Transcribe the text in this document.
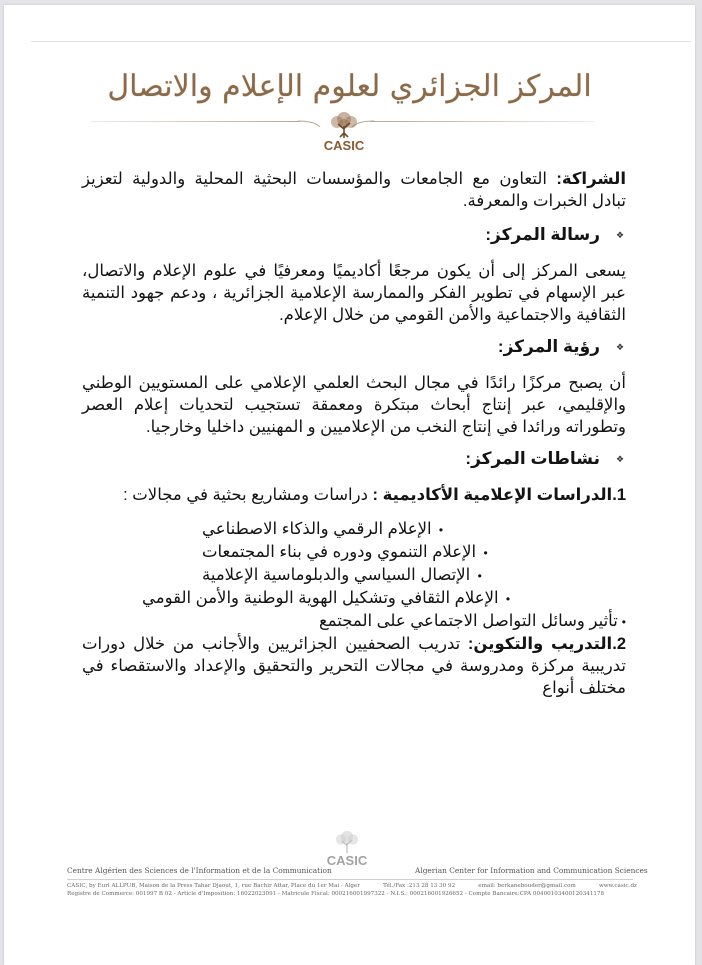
المركز الجزائري لعلوم الإعلام والاتصال
CASIC

الشراكة: التعاون مع الجامعات والمؤسسات البحثية المحلية والدولية لتعزيز تبادل الخبرات والمعرفة.

❖
رسالة المركز:

يسعى المركز إلى أن يكون مرجعًا أكاديميًا ومعرفيًا في علوم الإعلام والاتصال، عبر الإسهام في تطوير الفكر والممارسة الإعلامية الجزائرية ، ودعم جهود التنمية الثقافية والاجتماعية والأمن القومي من خلال الإعلام.

❖
رؤية المركز:

أن يصبح مركزًا رائدًا في مجال البحث العلمي الإعلامي على المستويين الوطني والإقليمي، عبر إنتاج أبحاث مبتكرة ومعمقة تستجيب لتحديات إعلام العصر وتطوراته ورائدا في إنتاج النخب من الإعلاميين و المهنيين داخليا وخارجيا.

❖
نشاطات المركز:

1.الدراسات الإعلامية الأكاديمية : دراسات ومشاريع بحثية في مجالات :

الإعلام الرقمي والذكاء الاصطناعي •
الإعلام التنموي ودوره في بناء المجتمعات •
الإتصال السياسي والدبلوماسية الإعلامية •
الإعلام الثقافي وتشكيل الهوية الوطنية والأمن القومي •

•تأثير وسائل التواصل الاجتماعي على المجتمع

2.التدريب والتكوين: تدريب الصحفيين الجزائريين والأجانب من خلال دورات تدريبية مركزة ومدروسة في مجالات التحرير والتحقيق والإعداد والاستقصاء في مختلف أنواع

CASIC
Centre Algérien des Sciences de l'Information et de la Communication	Algerian Center for Information and Communication Sciences
CASIC, by Eurl ALLPUB, Maison de la Press Tahar Djaout, 1, rue Bachir Attar, Place du 1er Mai - Alger	Tél./Fax :213 28 13 30 92	email: berkanebouder@gmail.com	www.casic.dz
Registre de Commerce: 001997 B 02 - Article d'Imposition: 16022023091 - Matricule Fiscal: 000216001997322 - N.I.S.: 000216001926652 - Compte Bancaire:CPA 00400103400120341178
